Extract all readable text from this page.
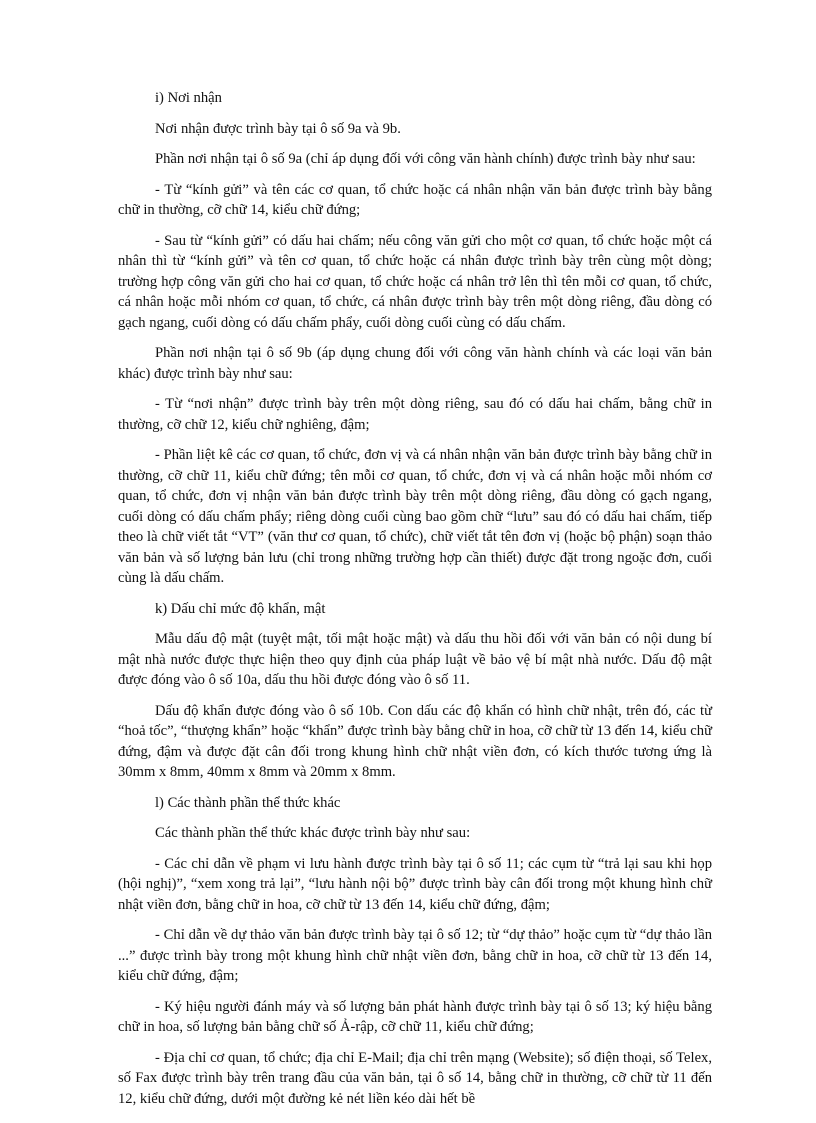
i) Nơi nhận

Nơi nhận được trình bày tại ô số 9a và 9b.

Phần nơi nhận tại ô số 9a (chỉ áp dụng đối với công văn hành chính) được trình bày như sau:

- Từ “kính gửi” và tên các cơ quan, tổ chức hoặc cá nhân nhận văn bản được trình bày bằng chữ in thường, cỡ chữ 14, kiểu chữ đứng;

- Sau từ “kính gửi” có dấu hai chấm; nếu công văn gửi cho một cơ quan, tổ chức hoặc một cá nhân thì từ “kính gửi” và tên cơ quan, tổ chức hoặc cá nhân được trình bày trên cùng một dòng; trường hợp công văn gửi cho hai cơ quan, tổ chức hoặc cá nhân trở lên thì tên mỗi cơ quan, tổ chức, cá nhân hoặc mỗi nhóm cơ quan, tổ chức, cá nhân được trình bày trên một dòng riêng, đầu dòng có gạch ngang, cuối dòng có dấu chấm phẩy, cuối dòng cuối cùng có dấu chấm.

Phần nơi nhận tại ô số 9b (áp dụng chung đối với công văn hành chính và các loại văn bản khác) được trình bày như sau:

- Từ “nơi nhận” được trình bày trên một dòng riêng, sau đó có dấu hai chấm, bằng chữ in thường, cỡ chữ 12, kiểu chữ nghiêng, đậm;

- Phần liệt kê các cơ quan, tổ chức, đơn vị và cá nhân nhận văn bản được trình bày bằng chữ in thường, cỡ chữ 11, kiểu chữ đứng; tên mỗi cơ quan, tổ chức, đơn vị và cá nhân hoặc mỗi nhóm cơ quan, tổ chức, đơn vị nhận văn bản được trình bày trên một dòng riêng, đầu dòng có gạch ngang, cuối dòng có dấu chấm phẩy; riêng dòng cuối cùng bao gồm chữ “lưu” sau đó có dấu hai chấm, tiếp theo là chữ viết tắt “VT” (văn thư cơ quan, tổ chức), chữ viết tắt tên đơn vị (hoặc bộ phận) soạn thảo văn bản và số lượng bản lưu (chỉ trong những trường hợp cần thiết) được đặt trong ngoặc đơn, cuối cùng là dấu chấm.

k) Dấu chỉ mức độ khẩn, mật

Mẫu dấu độ mật (tuyệt mật, tối mật hoặc mật) và dấu thu hồi đối với văn bản có nội dung bí mật nhà nước được thực hiện theo quy định của pháp luật về bảo vệ bí mật nhà nước. Dấu độ mật được đóng vào ô số 10a, dấu thu hồi được đóng vào ô số 11.

Dấu độ khẩn được đóng vào ô số 10b. Con dấu các độ khẩn có hình chữ nhật, trên đó, các từ “hoả tốc”, “thượng khẩn” hoặc “khẩn” được trình bày bằng chữ in hoa, cỡ chữ từ 13 đến 14, kiểu chữ đứng, đậm và được đặt cân đối trong khung hình chữ nhật viền đơn, có kích thước tương ứng là 30mm x 8mm, 40mm x 8mm và 20mm x 8mm.

l) Các thành phần thể thức khác

Các thành phần thể thức khác được trình bày như sau:

- Các chỉ dẫn về phạm vi lưu hành được trình bày tại ô số 11; các cụm từ “trả lại sau khi họp (hội nghị)”, “xem xong trả lại”, “lưu hành nội bộ” được trình bày cân đối trong một khung hình chữ nhật viền đơn, bằng chữ in hoa, cỡ chữ từ 13 đến 14, kiểu chữ đứng, đậm;

- Chỉ dẫn về dự thảo văn bản được trình bày tại ô số 12; từ “dự thảo” hoặc cụm từ “dự thảo lần ...” được trình bày trong một khung hình chữ nhật viền đơn, bằng chữ in hoa, cỡ chữ từ 13 đến 14, kiểu chữ đứng, đậm;

- Ký hiệu người đánh máy và số lượng bản phát hành được trình bày tại ô số 13; ký hiệu bằng chữ in hoa, số lượng bản bằng chữ số Ả-rập, cỡ chữ 11, kiểu chữ đứng;

- Địa chỉ cơ quan, tổ chức; địa chỉ E-Mail; địa chỉ trên mạng (Website); số điện thoại, số Telex, số Fax được trình bày trên trang đầu của văn bản, tại ô số 14, bằng chữ in thường, cỡ chữ từ 11 đến 12, kiểu chữ đứng, dưới một đường kẻ nét liền kéo dài hết bề
